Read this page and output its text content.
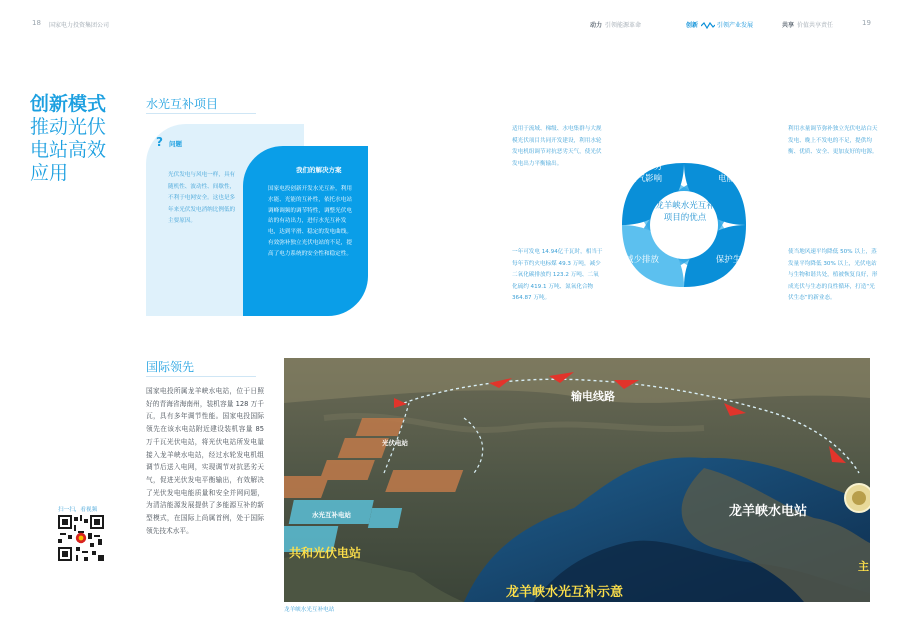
18 国家电力投资集团公司	动力 引领能源革命	创新	引领产业发展	共享 价值共享责任	19
创新模式
推动光伏
电站高效
应用
水光互补项目
? 问题
光伏发电与风电一样，具有随机性、波动性、间歇性，不利于电网安全。这也是多年来光伏发电消纳比例低的主要原因。
我们的解决方案
国家电投创新开发水光互补，利用水能、光能的互补性，依托水电站调峰调频的调节特性，调整光伏电站的有功出力，进行水光互补发电，达到平滑、稳定的发电曲线。有效弥补独立光伏电站的不足，提高了电力系统的安全性和稳定性。
适用于流域、梯级、水电集群与大规模光伏项目共同开发建设，利用水轮发电机组调节对抗恶劣天气，使光伏发电出力平衡输出。
一年可发电 14.94亿千瓦时，相当于每年节约火电标煤 49.3 万吨，减少二氧化碳排放约 123.2 万吨、二氧化硫约 419.1 万吨、氮氧化合物 364.87 万吨。
龙羊峡水光互补项目的优点
对抗恶劣天气影响
提升电网电能质量
减少排放	保护生态环境
利用水量调节弥补独立光伏电站白天发电、晚上不发电的不足，提供均衡、优质、安全、更加友好的电源。
使当地风速平均降低 50% 以上，蒸发量平均降低 30% 以上，光伏电站与生物和谐共处，植被恢复良好，形成光伏与生态的良性循环，打造“光伏生态”的新业态。
国际领先
国家电投所属龙羊峡水电站，位于日照好的青海省海南州，装机容量 128 万千瓦，具有多年调节性能。国家电投国际领先在该水电站附近建设装机容量 85 万千瓦光伏电站，将光伏电站所发电量接入龙羊峡水电站，经过水轮发电机组调节后送入电网，实现调节对抗恶劣天气，促进光伏发电平衡输出，有效解决了光伏发电电能质量和安全并网问题，为清洁能源发展提供了多能源互补的新型模式，在国际上尚属首例，处于国际领先技术水平。
扫一扫，看视频
输电线路
光伏电站
水光互补电站
共和光伏电站
龙羊峡水电站
龙羊峡水光互补示意
主
龙羊峡水光互补电站
